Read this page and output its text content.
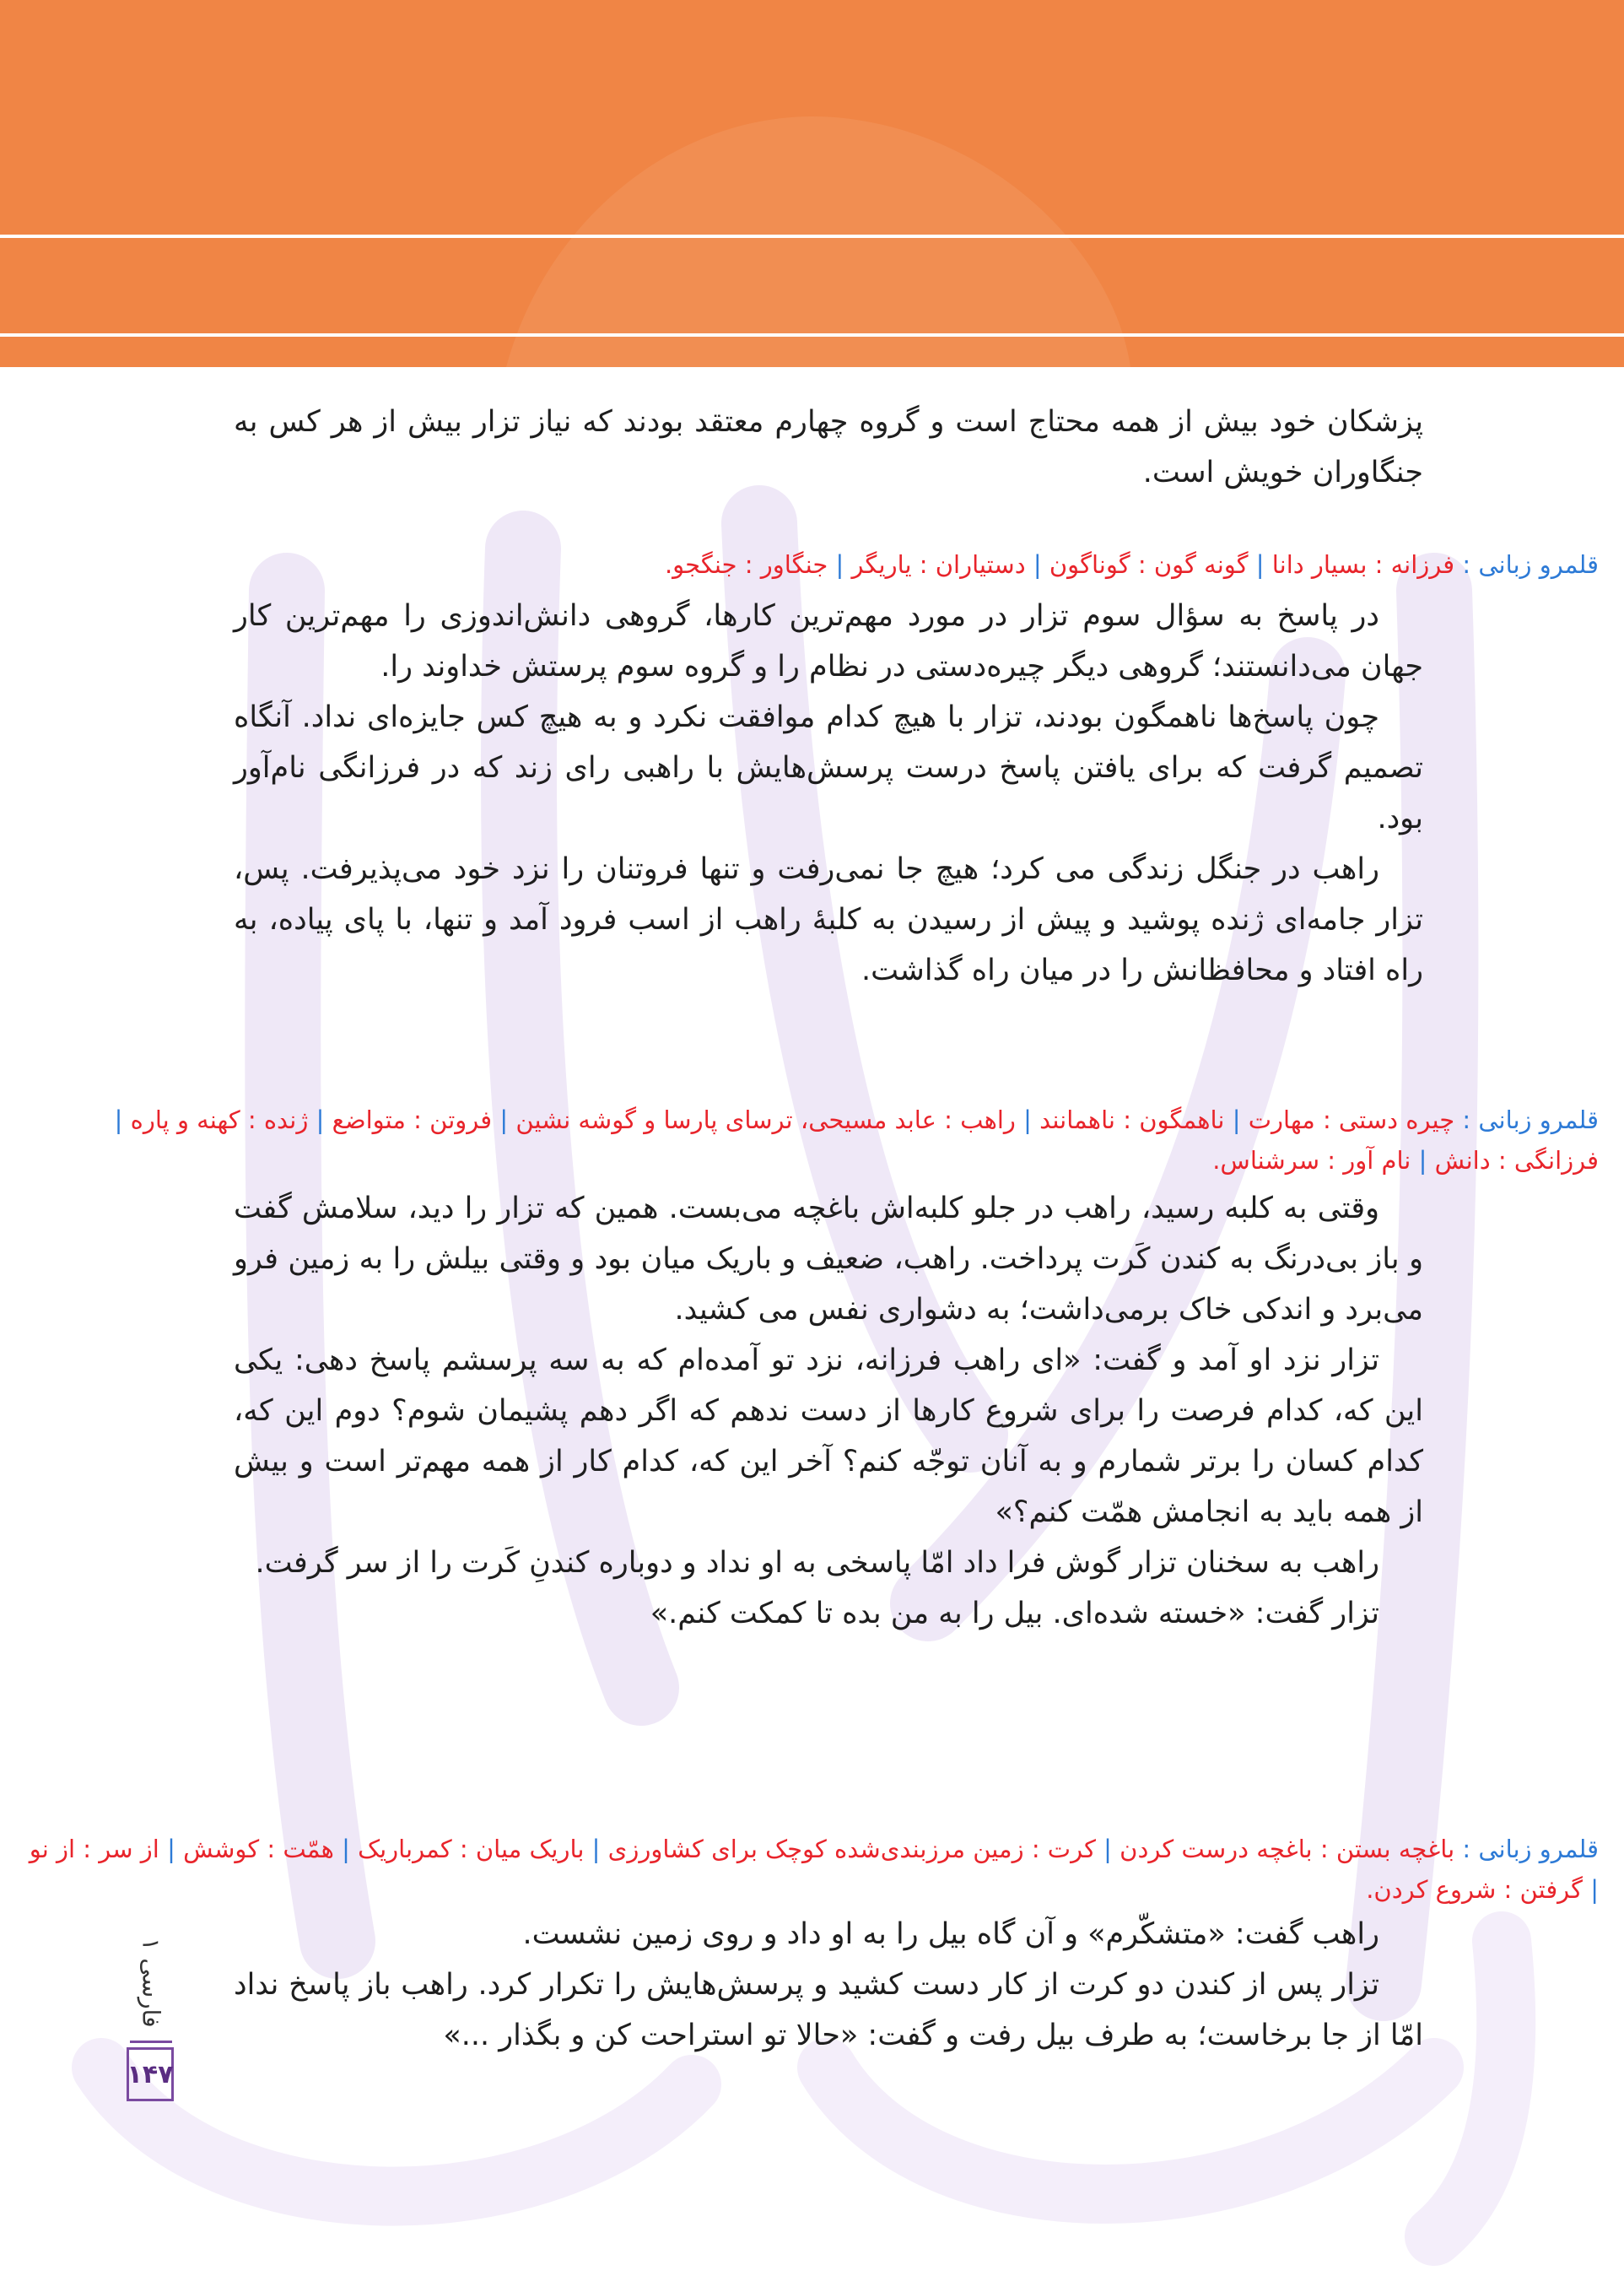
پزشکان خود بیش از همه محتاج است و گروه چهارم معتقد بودند که نیاز تزار بیش از هر کس به جنگاوران خویش است.

قلمرو زبانی : فرزانه : بسیار دانا | گونه گون : گوناگون | دستیاران : یاریگر | جنگاور : جنگجو.

در پاسخ به سؤال سوم تزار در مورد مهم‌ترین کارها، گروهی دانش‌اندوزی را مهم‌ترین کار جهان می‌دانستند؛ گروهی دیگر چیره‌دستی در نظام را و گروه سوم پرستش خداوند را.

چون پاسخ‌ها ناهمگون بودند، تزار با هیچ کدام موافقت نکرد و به هیچ کس جایزه‌ای نداد. آنگاه تصمیم گرفت که برای یافتن پاسخ درست پرسش‌هایش با راهبی رای زند که در فرزانگی نام‌آور بود.

راهب در جنگل زندگی می کرد؛ هیچ جا نمی‌رفت و تنها فروتنان را نزد خود می‌پذیرفت. پس، تزار جامه‌ای ژنده پوشید و پیش از رسیدن به کلبهٔ راهب از اسب فرود آمد و تنها، با پای پیاده، به راه افتاد و محافظانش را در میان راه گذاشت.

قلمرو زبانی : چیره دستی : مهارت | ناهمگون : ناهمانند | راهب : عابد مسیحی، ترسای پارسا و گوشه نشین | فروتن : متواضع | ژنده : کهنه و پاره | فرزانگی : دانش | نام آور : سرشناس.

وقتی به کلبه رسید، راهب در جلو کلبه‌اش باغچه می‌بست. همین که تزار را دید، سلامش گفت و باز بی‌درنگ به کندن کَرت پرداخت. راهب، ضعیف و باریک میان بود و وقتی بیلش را به زمین فرو می‌برد و اندکی خاک برمی‌داشت؛ به دشواری نفس می کشید.

تزار نزد او آمد و گفت: «ای راهب فرزانه، نزد تو آمده‌ام که به سه پرسشم پاسخ دهی: یکی این که، کدام فرصت را برای شروع کارها از دست ندهم که اگر دهم پشیمان شوم؟ دوم این که، کدام کسان را برتر شمارم و به آنان توجّه کنم؟ آخر این که، کدام کار از همه مهم‌تر است و بیش از همه باید به انجامش همّت کنم؟»

راهب به سخنان تزار گوش فرا داد امّا پاسخی به او نداد و دوباره کندنِ کَرت را از سر گرفت.

تزار گفت: «خسته شده‌ای. بیل را به من بده تا کمکت کنم.»

قلمرو زبانی : باغچه بستن : باغچه درست کردن | کرت : زمین مرزبندی‌شده کوچک برای کشاورزی | باریک میان : کمرباریک | همّت : کوشش | از سر : از نو | گرفتن : شروع کردن.

راهب گفت: «متشکّرم» و آن گاه بیل را به او داد و روی زمین نشست.

تزار پس از کندن دو کرت از کار دست کشید و پرسش‌هایش را تکرار کرد. راهب باز پاسخ نداد امّا از جا برخاست؛ به طرف بیل رفت و گفت: «حالا تو استراحت کن و بگذار ...»

فارسی ۱
۱۴۷
